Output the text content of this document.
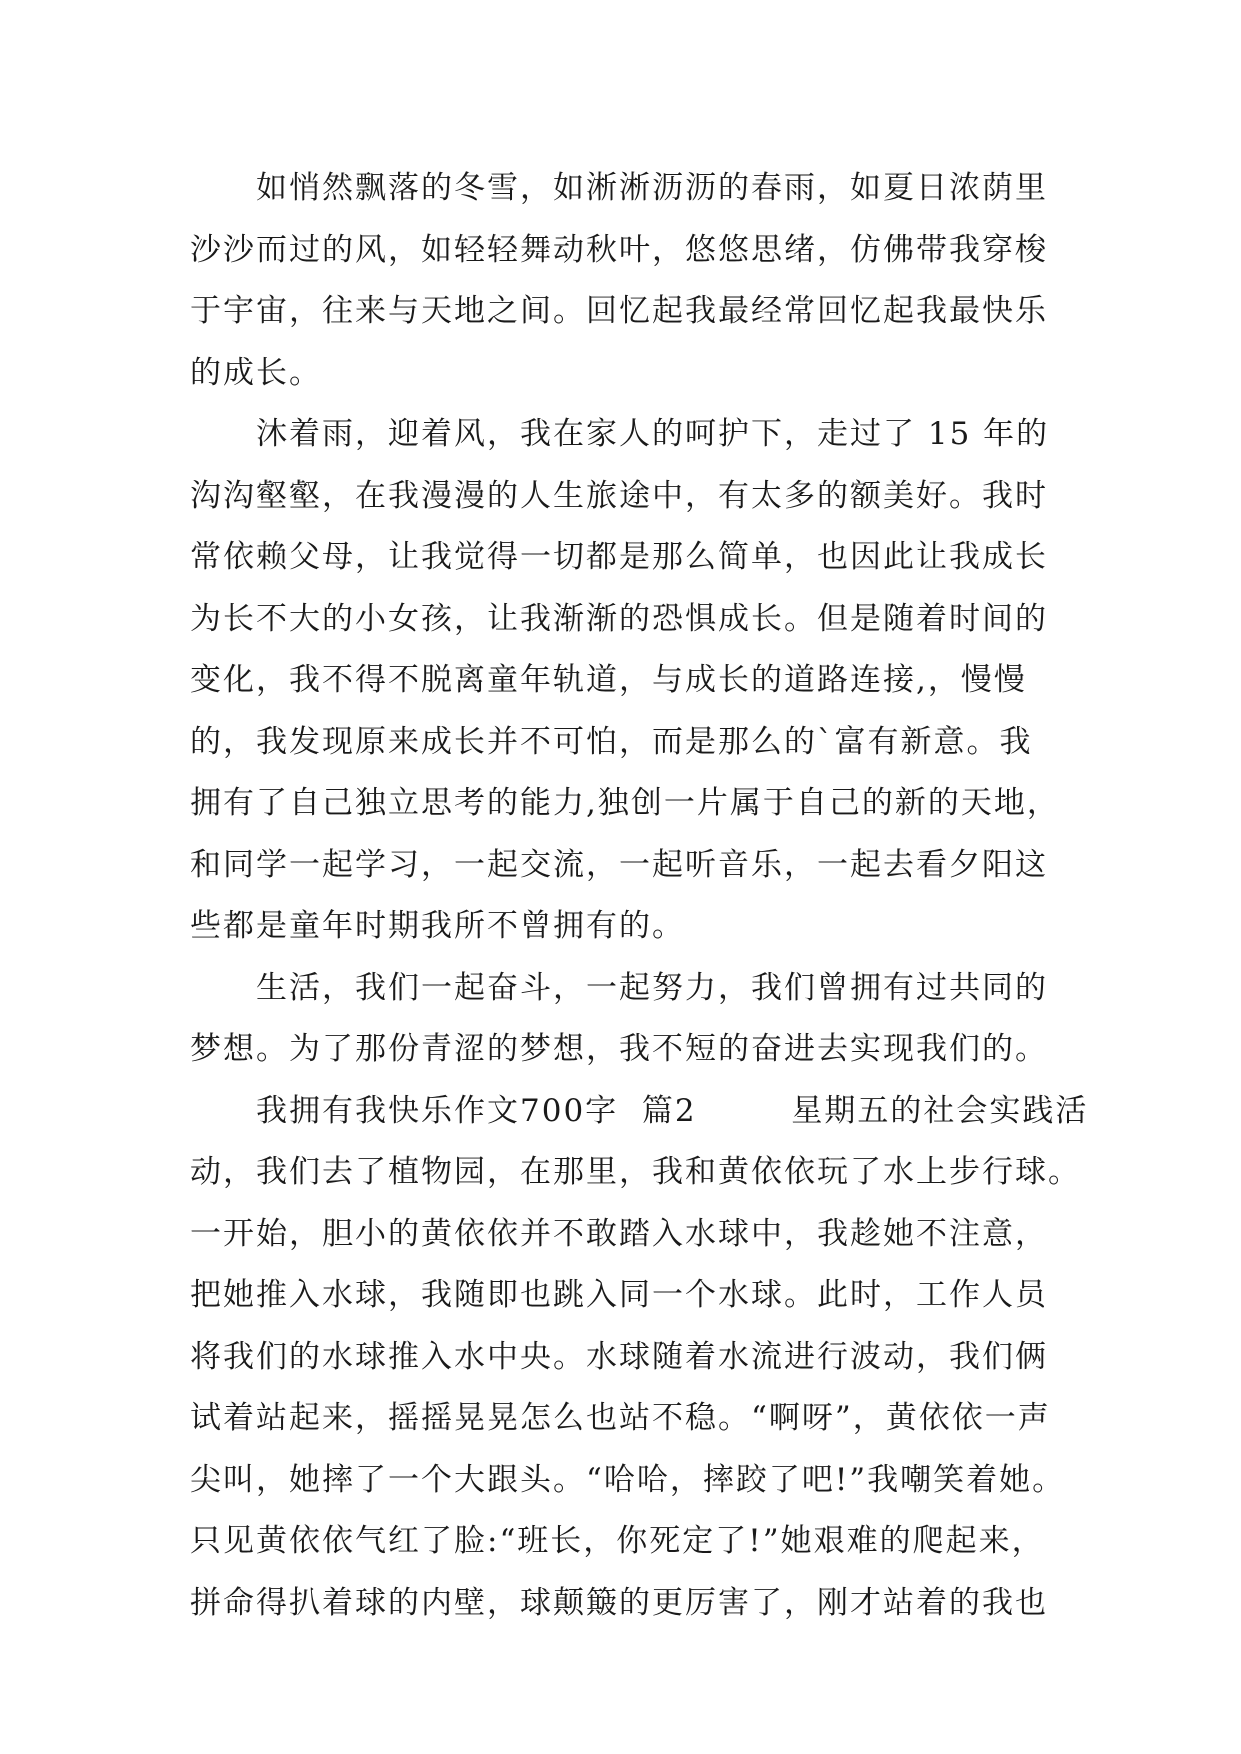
如悄然飘落的冬雪，如淅淅沥沥的春雨，如夏日浓荫里
沙沙而过的风，如轻轻舞动秋叶，悠悠思绪，仿佛带我穿梭
于宇宙，往来与天地之间。回忆起我最经常回忆起我最快乐
的成长。
沐着雨，迎着风，我在家人的呵护下，走过了 15 年的
沟沟壑壑，在我漫漫的人生旅途中，有太多的额美好。我时
常依赖父母，让我觉得一切都是那么简单，也因此让我成长
为长不大的小女孩，让我渐渐的恐惧成长。但是随着时间的
变化，我不得不脱离童年轨道，与成长的道路连接,，慢慢
的，我发现原来成长并不可怕，而是那么的`富有新意。我
拥有了自己独立思考的能力,独创一片属于自己的新的天地，
和同学一起学习，一起交流，一起听音乐，一起去看夕阳这
些都是童年时期我所不曾拥有的。
生活，我们一起奋斗，一起努力，我们曾拥有过共同的
梦想。为了那份青涩的梦想，我不短的奋进去实现我们的。
我拥有我快乐作文700字  篇2        星期五的社会实践活
动，我们去了植物园，在那里，我和黄依依玩了水上步行球。
一开始，胆小的黄依依并不敢踏入水球中，我趁她不注意，
把她推入水球，我随即也跳入同一个水球。此时，工作人员
将我们的水球推入水中央。水球随着水流进行波动，我们俩
试着站起来，摇摇晃晃怎么也站不稳。“啊呀”，黄依依一声
尖叫，她摔了一个大跟头。“哈哈，摔跤了吧!”我嘲笑着她。
只见黄依依气红了脸:“班长，你死定了!”她艰难的爬起来，
拼命得扒着球的内壁，球颠簸的更厉害了，刚才站着的我也
